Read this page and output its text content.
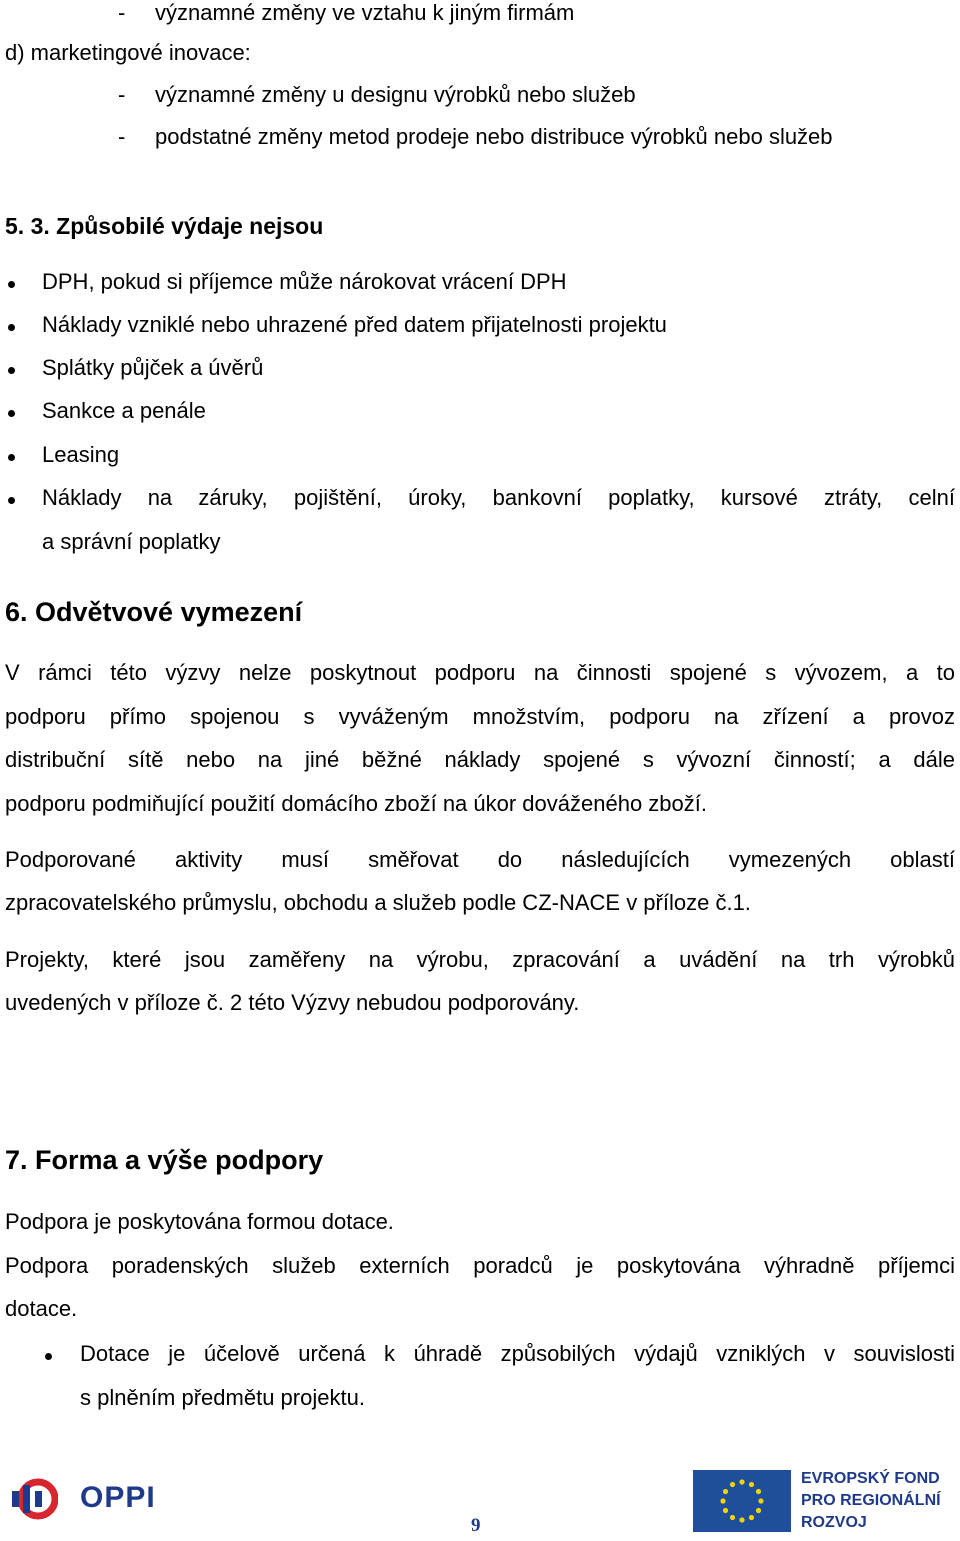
- významné změny ve vztahu k jiným firmám
d) marketingové inovace:
- významné změny u designu výrobků nebo služeb
- podstatné změny metod prodeje nebo distribuce výrobků nebo služeb
5. 3. Způsobilé výdaje nejsou
DPH, pokud si příjemce může nárokovat vrácení DPH
Náklady vzniklé nebo uhrazené před datem přijatelnosti projektu
Splátky půjček a úvěrů
Sankce a penále
Leasing
Náklady na záruky, pojištění, úroky, bankovní poplatky, kursové ztráty, celní
a správní poplatky
6. Odvětvové vymezení
V rámci této výzvy nelze poskytnout podporu na činnosti spojené s vývozem, a to
podporu přímo spojenou s vyváženým množstvím, podporu na zřízení a provoz
distribuční sítě nebo na jiné běžné náklady spojené s vývozní činností; a dále
podporu podmiňující použití domácího zboží na úkor dováženého zboží.
Podporované aktivity musí směřovat do následujících vymezených oblastí
zpracovatelského průmyslu, obchodu a služeb podle CZ-NACE v příloze č.1.
Projekty, které jsou zaměřeny na výrobu, zpracování a uvádění na trh výrobků
uvedených v příloze č. 2 této Výzvy nebudou podporovány.
7. Forma a výše podpory
Podpora je poskytována formou dotace.
Podpora poradenských služeb externích poradců je poskytována výhradně příjemci
dotace.
Dotace je účelově určená k úhradě způsobilých výdajů vzniklých v souvislosti
s plněním předmětu projektu.
OPPI
9
EVROPSKÝ FOND
PRO REGIONÁLNÍ
ROZVOJ
